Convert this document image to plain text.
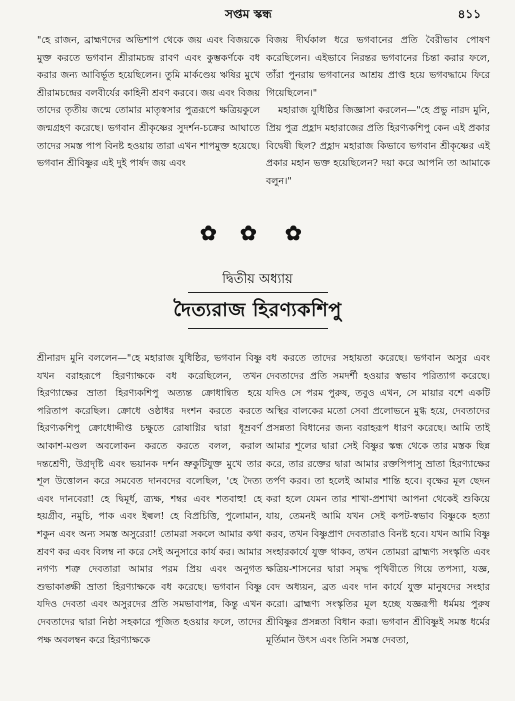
সপ্তম স্কন্ধ	৪১১

"হে রাজন, ব্রাহ্মণদের অভিশাপ থেকে জয় এবং বিজয়কে মুক্ত করতে ভগবান শ্রীরামচন্দ্র রাবণ এবং কুম্ভকর্ণকে বধ করার জন্য আবির্ভূত হয়েছিলেন। তুমি মার্কণ্ডেয় ঋষির মুখে শ্রীরামচন্দ্রের বলবীর্যের কাহিনী শ্রবণ করবে। জয় এবং বিজয় তাদের তৃতীয় জন্মে তোমার মাতৃস্বসার পুত্ররূপে ক্ষত্রিয়কুলে জন্মগ্রহণ করেছে। ভগবান শ্রীকৃষ্ণের সুদর্শন-চক্রের আঘাতে তাদের সমস্ত পাপ বিনষ্ট হওয়ায় তারা এখন শাপমুক্ত হয়েছে। ভগবান শ্রীবিষ্ণুর এই দুই পার্ষদ জয় এবং

বিজয় দীর্ঘকাল ধরে ভগবানের প্রতি বৈরীভাব পোষণ করেছিলেন। এইভাবে নিরন্তর ভগবানের চিন্তা করার ফলে, তাঁরা পুনরায় ভগবানের আশ্রয় প্রাপ্ত হয়ে ভগবদ্ধামে ফিরে গিয়েছিলেন।"

মহারাজ যুধিষ্ঠির জিজ্ঞাসা করলেন—"হে প্রভু নারদ মুনি, প্রিয় পুত্র প্রহ্লাদ মহারাজের প্রতি হিরণ্যকশিপু কেন এই প্রকার বিদ্বেষী ছিল? প্রহ্লাদ মহারাজ কিভাবে ভগবান শ্রীকৃষ্ণের এই প্রকার মহান ভক্ত হয়েছিলেন? দয়া করে আপনি তা আমাকে বলুন।"

✿ ✿ ✿
দ্বিতীয় অধ্যায়
দৈত্যরাজ হিরণ্যকশিপু

শ্রীনারদ মুনি বললেন—"হে মহারাজ যুধিষ্ঠির, ভগবান বিষ্ণু যখন বরাহরূপে হিরণ্যাক্ষকে বধ করেছিলেন, তখন হিরণ্যাক্ষের ভ্রাতা হিরণ্যকশিপু অত্যন্ত ক্রোধান্বিত হয়ে পরিতাপ করেছিল। ক্রোধে ওষ্ঠাধর দংশন করতে করতে হিরণ্যকশিপু ক্রোধোদ্দীপ্ত চক্ষুতে রোষাগ্নির দ্বারা ধূম্রবর্ণ আকাশ-মণ্ডল অবলোকন করতে করতে বলল, করাল দন্তশ্রেণী, উগ্রদৃষ্টি এবং ভয়ানক দর্শন ভ্রুকুটিযুক্ত মুখে তার শূল উত্তোলন করে সমবেত দানবদের বলেছিল, 'হে দৈত্য এবং দানবেরা! হে দ্বিমূর্ধ, ত্র্যক্ষ, শম্বর এবং শতবাহু! হে হয়গ্রীব, নমুচি, পাক এবং ইল্বল! হে বিপ্রচিত্তি, পুলোমান, শকুন এবং অন্য সমস্ত অসুরেরা! তোমরা সকলে আমার কথা শ্রবণ কর এবং বিলম্ব না করে সেই অনুসারে কার্য কর। আমার নগণ্য শত্রু দেবতারা আমার পরম প্রিয় এবং অনুগত শুভাকাঙ্ক্ষী ভ্রাতা হিরণ্যাক্ষকে বধ করেছে। ভগবান বিষ্ণু যদিও দেবতা এবং অসুরদের প্রতি সমভাবাপন্ন, কিন্তু এখন দেবতাদের দ্বারা নিষ্ঠা সহকারে পূজিত হওয়ার ফলে, তাদের পক্ষ অবলম্বন করে হিরণ্যাক্ষকে

বধ করতে তাদের সহায়তা করেছে। ভগবান অসুর এবং দেবতাদের প্রতি সমদর্শী হওয়ার স্বভাব পরিত্যাগ করেছে। যদিও সে পরম পুরুষ, তবুও এখন, সে মায়ার বশে একটি অস্থির বালকের মতো সেবা প্রলোভনে মুগ্ধ হয়ে, দেবতাদের প্রসন্নতা বিধানের জন্য বরাহরূপ ধারণ করেছে। আমি তাই আমার শূলের দ্বারা সেই বিষ্ণুর স্কন্ধ থেকে তার মস্তক ছিন্ন করে, তার রক্তের দ্বারা আমার রক্তপিপাসু ভ্রাতা হিরণ্যাক্ষের তর্পণ করব। তা হলেই আমার শান্তি হবে। বৃক্ষের মূল ছেদন করা হলে যেমন তার শাখা-প্রশাখা আপনা থেকেই শুকিয়ে যায়, তেমনই আমি যখন সেই কপট-স্বভাব বিষ্ণুকে হত্যা করব, তখন বিষ্ণুপ্রাণ দেবতারাও বিনষ্ট হবে। যখন আমি বিষ্ণু সংহারকার্যে যুক্ত থাকব, তখন তোমরা ব্রাহ্মণ্য সংস্কৃতি এবং ক্ষত্রিয়-শাসনের দ্বারা সমৃদ্ধ পৃথিবীতে গিয়ে তপস্যা, যজ্ঞ, বেদ অধ্যয়ন, ব্রত এবং দান কার্যে যুক্ত মানুষদের সংহার করো। ব্রাহ্মণ্য সংস্কৃতির মূল হচ্ছে যজ্ঞরূপী ধর্মময় পুরুষ শ্রীবিষ্ণুর প্রসন্নতা বিধান করা। ভগবান শ্রীবিষ্ণুই সমস্ত ধর্মের মূর্তিমান উৎস এবং তিনি সমস্ত দেবতা,
